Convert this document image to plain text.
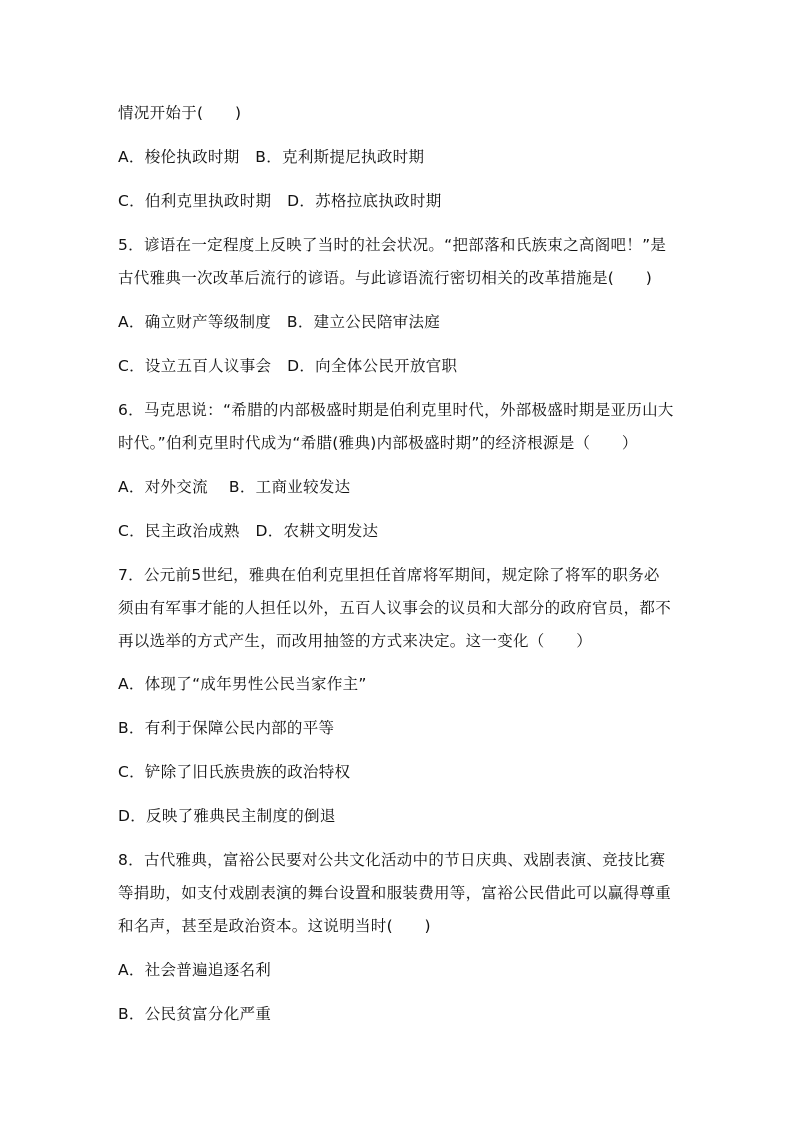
情况开始于(　　)
A．梭伦执政时期　B．克利斯提尼执政时期
C．伯利克里执政时期　D．苏格拉底执政时期
5．谚语在一定程度上反映了当时的社会状况。“把部落和氏族束之高阁吧！”是
古代雅典一次改革后流行的谚语。与此谚语流行密切相关的改革措施是(　　)
A．确立财产等级制度　B．建立公民陪审法庭
C．设立五百人议事会　D．向全体公民开放官职
6．马克思说：“希腊的内部极盛时期是伯利克里时代，外部极盛时期是亚历山大
时代。”伯利克里时代成为“希腊(雅典)内部极盛时期”的经济根源是（　　）
A．对外交流　 B．工商业较发达
C．民主政治成熟　D．农耕文明发达
7．公元前5世纪，雅典在伯利克里担任首席将军期间，规定除了将军的职务必
须由有军事才能的人担任以外，五百人议事会的议员和大部分的政府官员，都不
再以选举的方式产生，而改用抽签的方式来决定。这一变化（　　）
A．体现了“成年男性公民当家作主”
B．有利于保障公民内部的平等
C．铲除了旧氏族贵族的政治特权
D．反映了雅典民主制度的倒退
8．古代雅典，富裕公民要对公共文化活动中的节日庆典、戏剧表演、竞技比赛
等捐助，如支付戏剧表演的舞台设置和服装费用等，富裕公民借此可以赢得尊重
和名声，甚至是政治资本。这说明当时(　　)
A．社会普遍追逐名利
B．公民贫富分化严重
